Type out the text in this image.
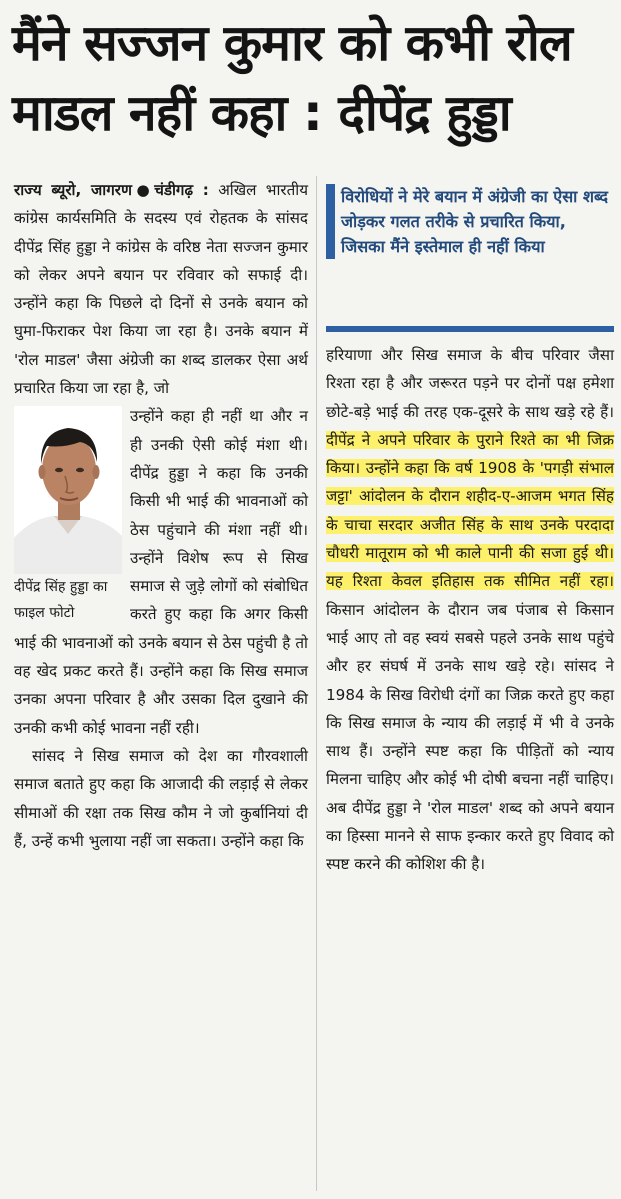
मैंने सज्जन कुमार को कभी रोल
माडल नहीं कहा : दीपेंद्र हुड्डा

राज्य ब्यूरो, जागरण●चंडीगढ़ : अखिल भारतीय कांग्रेस कार्यसमिति के सदस्य एवं रोहतक के सांसद दीपेंद्र सिंह हुड्डा ने कांग्रेस के वरिष्ठ नेता सज्जन कुमार को लेकर अपने बयान पर रविवार को सफाई दी। उन्होंने कहा कि पिछले दो दिनों से उनके बयान को घुमा-फिराकर पेश किया जा रहा है। उनके बयान में 'रोल माडल' जैसा अंग्रेजी का शब्द डालकर ऐसा अर्थ प्रचारित किया जा रहा है, जो

दीपेंद्र सिंह हुड्डा का फाइल फोटो

उन्होंने कहा ही नहीं था और न ही उनकी ऐसी कोई मंशा थी। दीपेंद्र हुड्डा ने कहा कि उनकी किसी भी भाई की भावनाओं को ठेस पहुंचाने की मंशा नहीं थी। उन्होंने विशेष रूप से सिख समाज से जुड़े लोगों को संबोधित करते हुए कहा कि अगर किसी भाई की भावनाओं को उनके बयान से ठेस पहुंची है तो वह खेद प्रकट करते हैं। उन्होंने कहा कि सिख समाज उनका अपना परिवार है और उसका दिल दुखाने की उनकी कभी कोई भावना नहीं रही।

सांसद ने सिख समाज को देश का गौरवशाली समाज बताते हुए कहा कि आजादी की लड़ाई से लेकर सीमाओं की रक्षा तक सिख कौम ने जो कुर्बानियां दी हैं, उन्हें कभी भुलाया नहीं जा सकता। उन्होंने कहा कि

विरोधियों ने मेरे बयान में अंग्रेजी का ऐसा शब्द जोड़कर गलत तरीके से प्रचारित किया, जिसका मैंने इस्तेमाल ही नहीं किया

हरियाणा और सिख समाज के बीच परिवार जैसा रिश्ता रहा है और जरूरत पड़ने पर दोनों पक्ष हमेशा छोटे-बड़े भाई की तरह एक-दूसरे के साथ खड़े रहे हैं। दीपेंद्र ने अपने परिवार के पुराने रिश्ते का भी जिक्र किया। उन्होंने कहा कि वर्ष 1908 के 'पगड़ी संभाल जट्टा' आंदोलन के दौरान शहीद-ए-आजम भगत सिंह के चाचा सरदार अजीत सिंह के साथ उनके परदादा चौधरी मातूराम को भी काले पानी की सजा हुई थी। यह रिश्ता केवल इतिहास तक सीमित नहीं रहा। किसान आंदोलन के दौरान जब पंजाब से किसान भाई आए तो वह स्वयं सबसे पहले उनके साथ पहुंचे और हर संघर्ष में उनके साथ खड़े रहे। सांसद ने 1984 के सिख विरोधी दंगों का जिक्र करते हुए कहा कि सिख समाज के न्याय की लड़ाई में भी वे उनके साथ हैं। उन्होंने स्पष्ट कहा कि पीड़ितों को न्याय मिलना चाहिए और कोई भी दोषी बचना नहीं चाहिए। अब दीपेंद्र हुड्डा ने 'रोल माडल' शब्द को अपने बयान का हिस्सा मानने से साफ इन्कार करते हुए विवाद को स्पष्ट करने की कोशिश की है।
